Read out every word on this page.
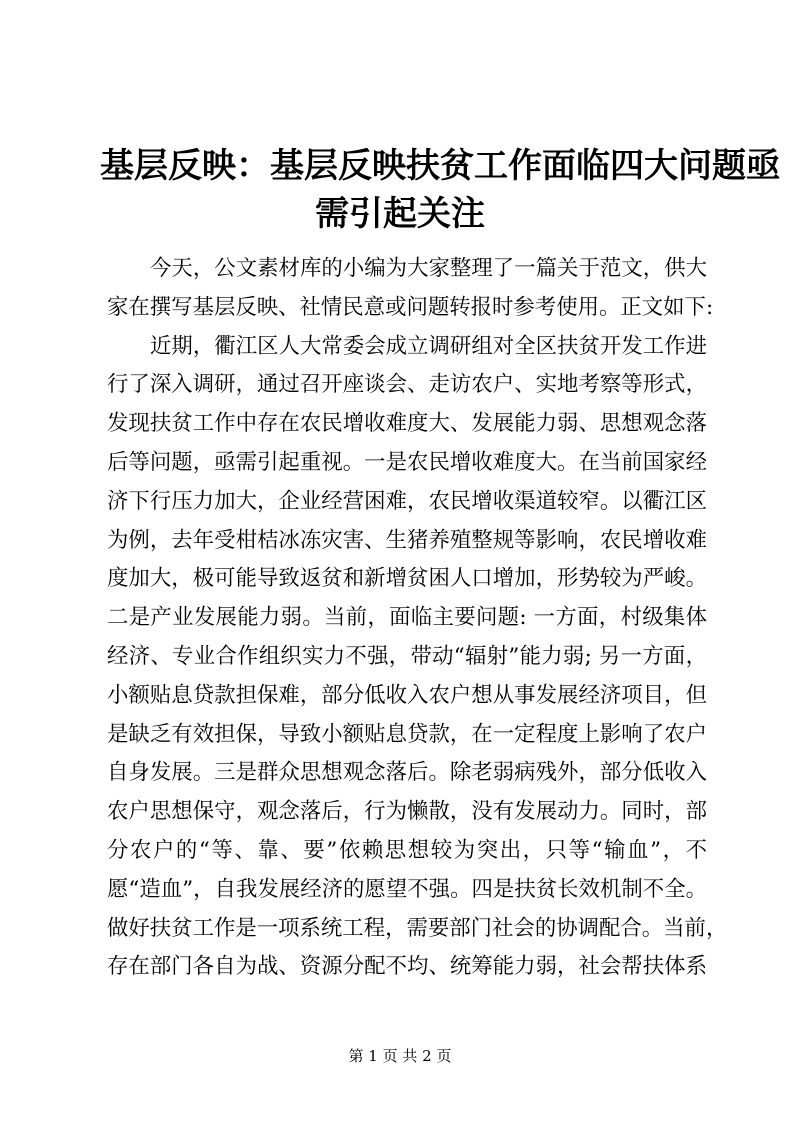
基层反映：基层反映扶贫工作面临四大问题亟
需引起关注
今天，公文素材库的小编为大家整理了一篇关于范文，供大
家在撰写基层反映、社情民意或问题转报时参考使用。正文如下:
近期，衢江区人大常委会成立调研组对全区扶贫开发工作进
行了深入调研，通过召开座谈会、走访农户、实地考察等形式，
发现扶贫工作中存在农民增收难度大、发展能力弱、思想观念落
后等问题，亟需引起重视。一是农民增收难度大。在当前国家经
济下行压力加大，企业经营困难，农民增收渠道较窄。以衢江区
为例，去年受柑桔冰冻灾害、生猪养殖整规等影响，农民增收难
度加大，极可能导致返贫和新增贫困人口增加，形势较为严峻。
二是产业发展能力弱。当前，面临主要问题: 一方面，村级集体
经济、专业合作组织实力不强，带动“辐射”能力弱; 另一方面，
小额贴息贷款担保难，部分低收入农户想从事发展经济项目，但
是缺乏有效担保，导致小额贴息贷款，在一定程度上影响了农户
自身发展。三是群众思想观念落后。除老弱病残外，部分低收入
农户思想保守，观念落后，行为懒散，没有发展动力。同时，部
分农户的“等、靠、要”依赖思想较为突出，只等“输血”，不
愿“造血”，自我发展经济的愿望不强。四是扶贫长效机制不全。
做好扶贫工作是一项系统工程，需要部门社会的协调配合。当前，
存在部门各自为战、资源分配不均、统筹能力弱，社会帮扶体系
第 1 页 共 2 页
